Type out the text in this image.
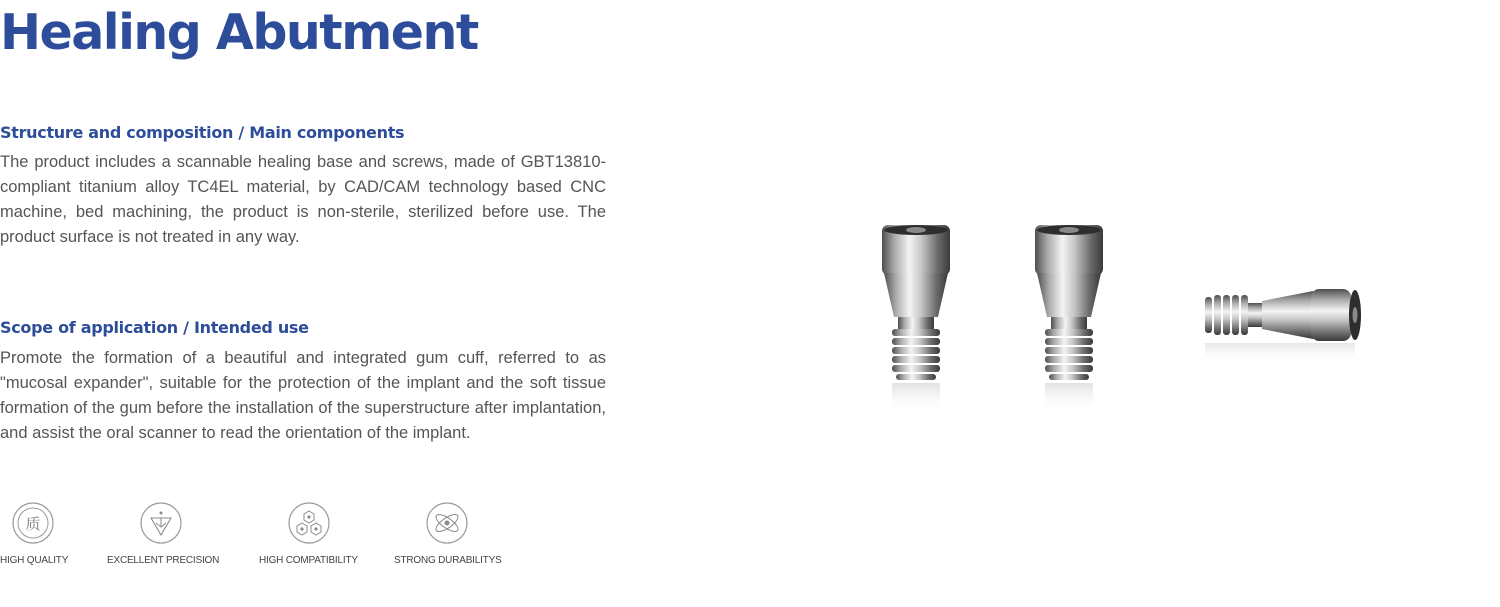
Healing Abutment
Structure and composition / Main components

The product includes a scannable healing base and screws, made of GBT13810-compliant titanium alloy TC4EL material, by CAD/CAM technology based CNC machine, bed machining, the product is non-sterile, sterilized before use. The product surface is not treated in any way.

Scope of application / Intended use

Promote the formation of a beautiful and integrated gum cuff, referred to as "mucosal expander", suitable for the protection of the implant and the soft tissue formation of the gum before the installation of the superstructure after implantation, and assist the oral scanner to read the orientation of the implant.

质
HIGH QUALITY	EXCELLENT PRECISION	HIGH COMPATIBILITY	STRONG DURABILITYS
